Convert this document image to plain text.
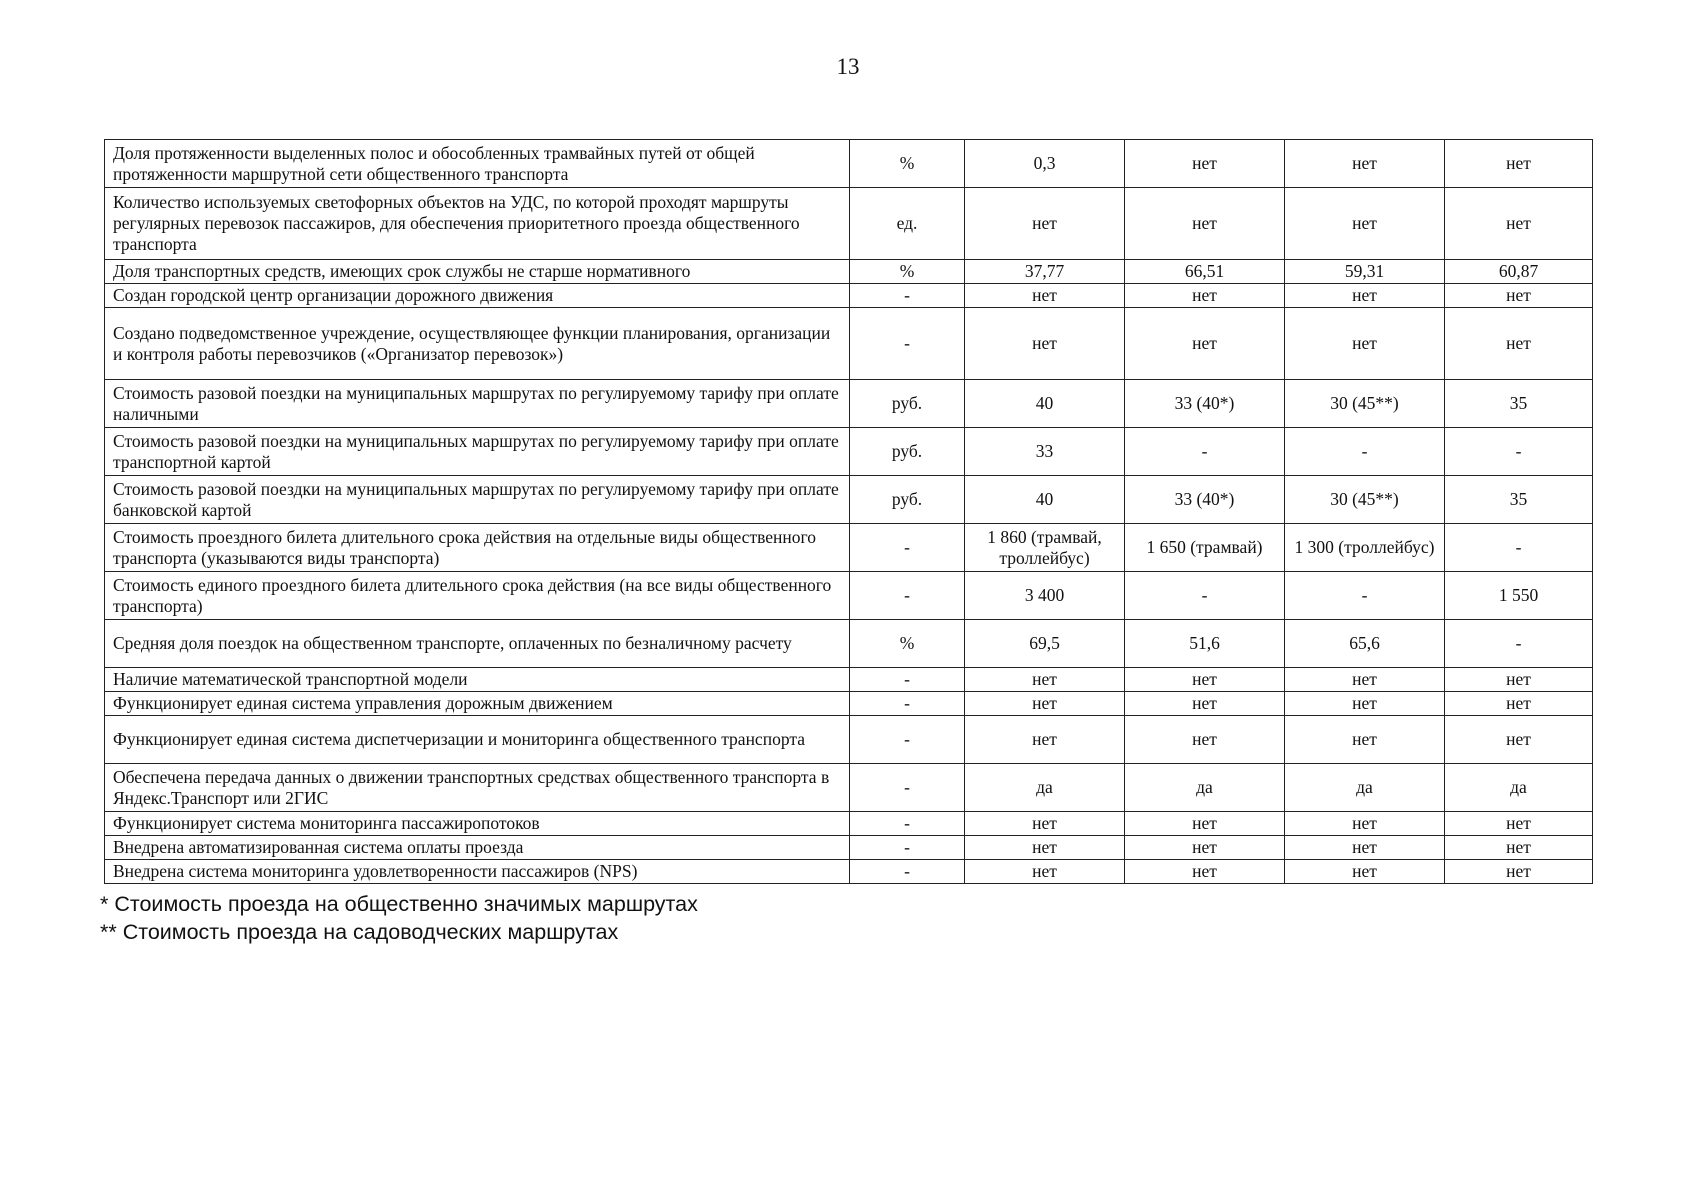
13
Доля протяженности выделенных полос и обособленных трамвайных путей от общей протяженности маршрутной сети общественного транспорта	%	0,3	нет	нет	нет
Количество используемых светофорных объектов на УДС, по которой проходят маршруты регулярных перевозок пассажиров, для обеспечения приоритетного проезда общественного транспорта	ед.	нет	нет	нет	нет
Доля транспортных средств, имеющих срок службы не старше нормативного	%	37,77	66,51	59,31	60,87
Создан городской центр организации дорожного движения	-	нет	нет	нет	нет
Создано подведомственное учреждение, осуществляющее функции планирования, организации и контроля работы перевозчиков («Организатор перевозок»)	-	нет	нет	нет	нет
Стоимость разовой поездки на муниципальных маршрутах по регулируемому тарифу при оплате наличными	руб.	40	33 (40*)	30 (45**)	35
Стоимость разовой поездки на муниципальных маршрутах по регулируемому тарифу при оплате транспортной картой	руб.	33	-	-	-
Стоимость разовой поездки на муниципальных маршрутах по регулируемому тарифу при оплате банковской картой	руб.	40	33 (40*)	30 (45**)	35
Стоимость проездного билета длительного срока действия на отдельные виды общественного транспорта (указываются виды транспорта)	-	1 860 (трамвай, троллейбус)	1 650 (трамвай)	1 300 (троллейбус)	-
Стоимость единого проездного билета длительного срока действия (на все виды общественного транспорта)	-	3 400	-	-	1 550
Средняя доля поездок на общественном транспорте, оплаченных по безналичному расчету	%	69,5	51,6	65,6	-
Наличие математической транспортной модели	-	нет	нет	нет	нет
Функционирует единая система управления дорожным движением	-	нет	нет	нет	нет
Функционирует единая система диспетчеризации и мониторинга общественного транспорта	-	нет	нет	нет	нет
Обеспечена передача данных о движении транспортных средствах общественного транспорта в Яндекс.Транспорт или 2ГИС	-	да	да	да	да
Функционирует система мониторинга пассажиропотоков	-	нет	нет	нет	нет
Внедрена автоматизированная система оплаты проезда	-	нет	нет	нет	нет
Внедрена система мониторинга удовлетворенности пассажиров (NPS)	-	нет	нет	нет	нет
* Стоимость проезда на общественно значимых маршрутах
** Стоимость проезда на садоводческих маршрутах
